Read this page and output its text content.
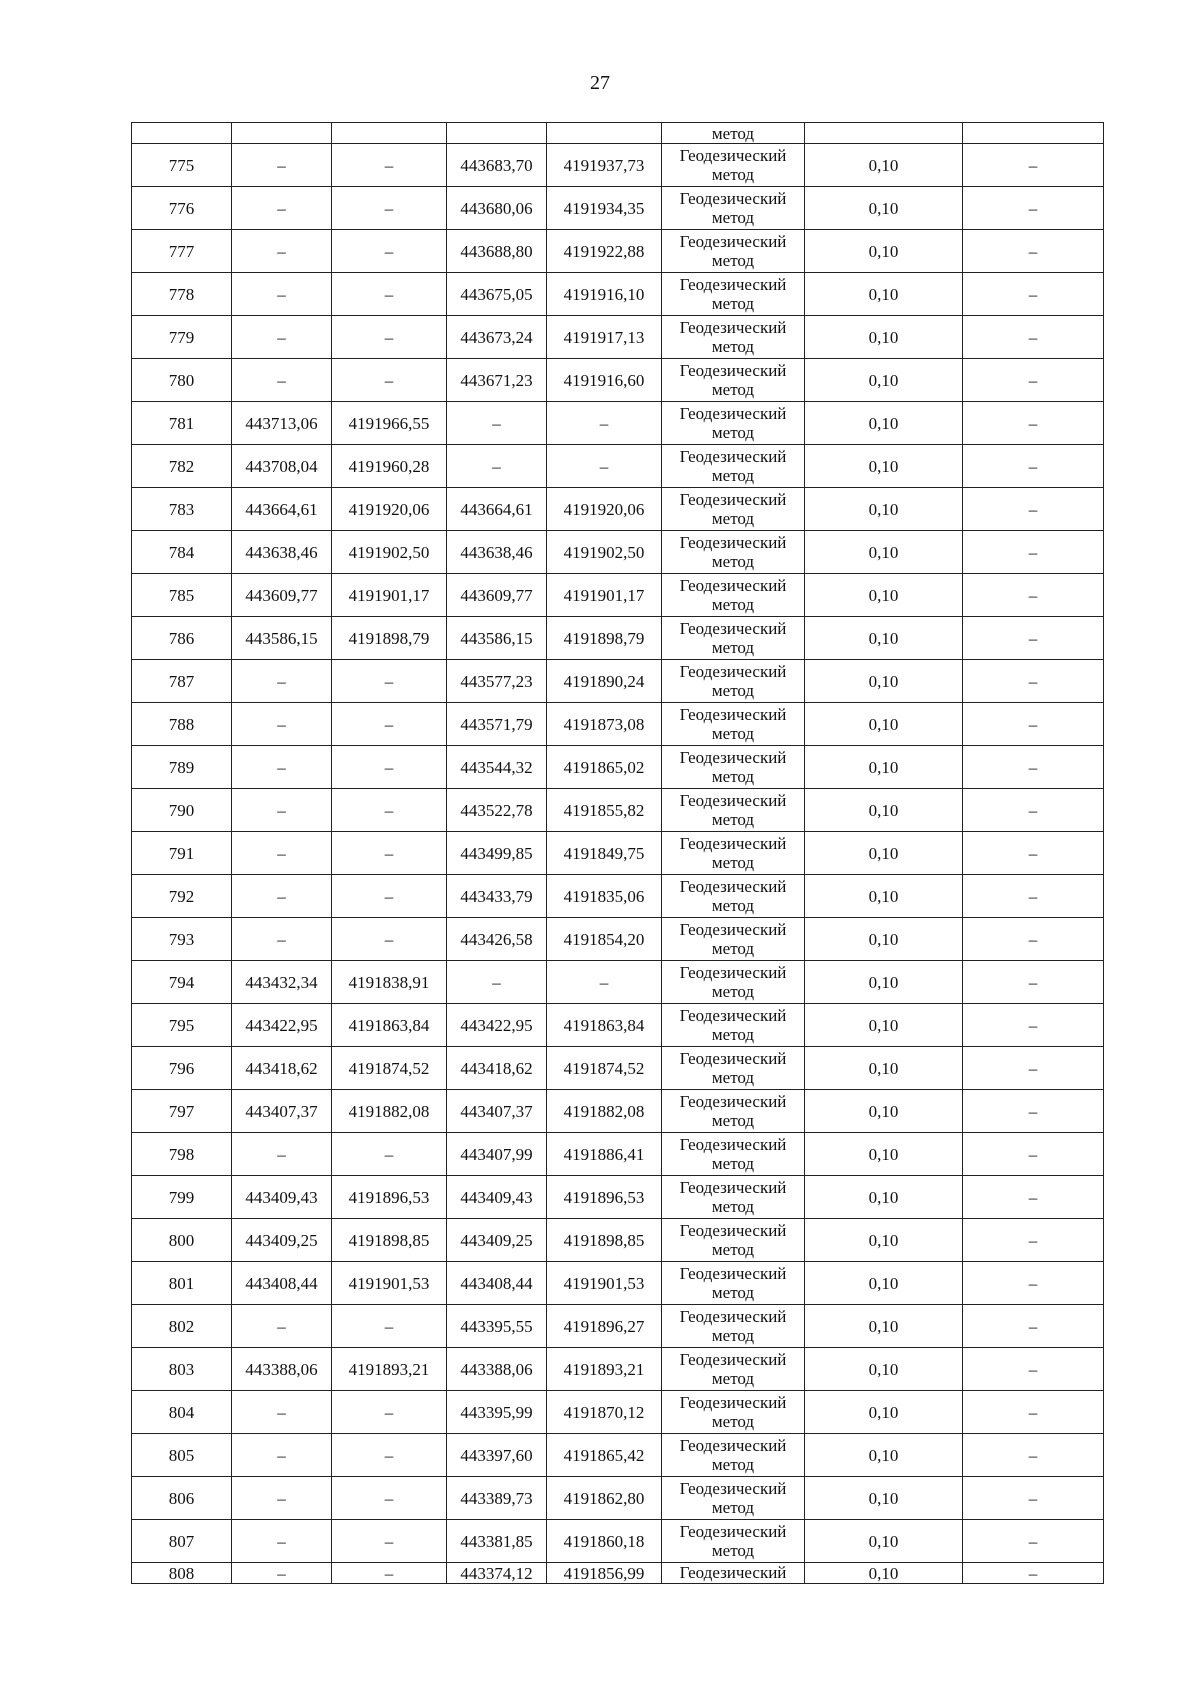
27
					метод		
775	–	–	443683,70	4191937,73	Геодезический
метод	0,10	–
776	–	–	443680,06	4191934,35	Геодезический
метод	0,10	–
777	–	–	443688,80	4191922,88	Геодезический
метод	0,10	–
778	–	–	443675,05	4191916,10	Геодезический
метод	0,10	–
779	–	–	443673,24	4191917,13	Геодезический
метод	0,10	–
780	–	–	443671,23	4191916,60	Геодезический
метод	0,10	–
781	443713,06	4191966,55	–	–	Геодезический
метод	0,10	–
782	443708,04	4191960,28	–	–	Геодезический
метод	0,10	–
783	443664,61	4191920,06	443664,61	4191920,06	Геодезический
метод	0,10	–
784	443638,46	4191902,50	443638,46	4191902,50	Геодезический
метод	0,10	–
785	443609,77	4191901,17	443609,77	4191901,17	Геодезический
метод	0,10	–
786	443586,15	4191898,79	443586,15	4191898,79	Геодезический
метод	0,10	–
787	–	–	443577,23	4191890,24	Геодезический
метод	0,10	–
788	–	–	443571,79	4191873,08	Геодезический
метод	0,10	–
789	–	–	443544,32	4191865,02	Геодезический
метод	0,10	–
790	–	–	443522,78	4191855,82	Геодезический
метод	0,10	–
791	–	–	443499,85	4191849,75	Геодезический
метод	0,10	–
792	–	–	443433,79	4191835,06	Геодезический
метод	0,10	–
793	–	–	443426,58	4191854,20	Геодезический
метод	0,10	–
794	443432,34	4191838,91	–	–	Геодезический
метод	0,10	–
795	443422,95	4191863,84	443422,95	4191863,84	Геодезический
метод	0,10	–
796	443418,62	4191874,52	443418,62	4191874,52	Геодезический
метод	0,10	–
797	443407,37	4191882,08	443407,37	4191882,08	Геодезический
метод	0,10	–
798	–	–	443407,99	4191886,41	Геодезический
метод	0,10	–
799	443409,43	4191896,53	443409,43	4191896,53	Геодезический
метод	0,10	–
800	443409,25	4191898,85	443409,25	4191898,85	Геодезический
метод	0,10	–
801	443408,44	4191901,53	443408,44	4191901,53	Геодезический
метод	0,10	–
802	–	–	443395,55	4191896,27	Геодезический
метод	0,10	–
803	443388,06	4191893,21	443388,06	4191893,21	Геодезический
метод	0,10	–
804	–	–	443395,99	4191870,12	Геодезический
метод	0,10	–
805	–	–	443397,60	4191865,42	Геодезический
метод	0,10	–
806	–	–	443389,73	4191862,80	Геодезический
метод	0,10	–
807	–	–	443381,85	4191860,18	Геодезический
метод	0,10	–
808	–	–	443374,12	4191856,99	Геодезический	0,10	–
